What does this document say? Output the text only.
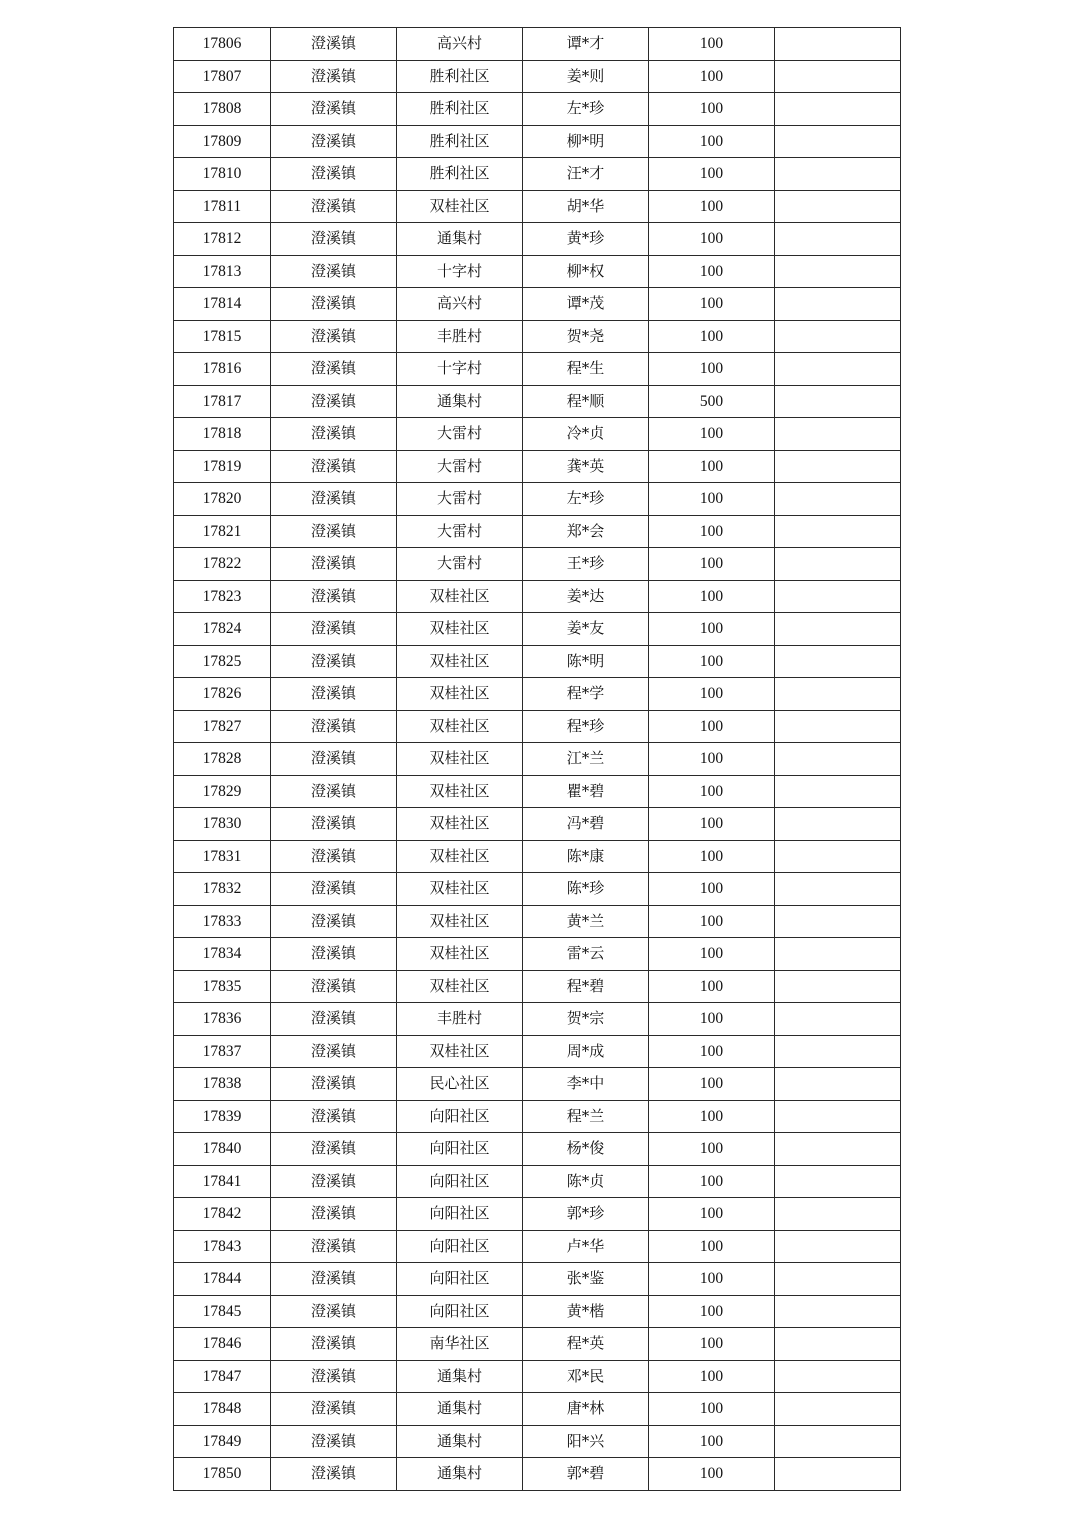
17806	澄溪镇	高兴村	谭*才	100	
17807	澄溪镇	胜利社区	姜*则	100	
17808	澄溪镇	胜利社区	左*珍	100	
17809	澄溪镇	胜利社区	柳*明	100	
17810	澄溪镇	胜利社区	汪*才	100	
17811	澄溪镇	双桂社区	胡*华	100	
17812	澄溪镇	通集村	黄*珍	100	
17813	澄溪镇	十字村	柳*权	100	
17814	澄溪镇	高兴村	谭*茂	100	
17815	澄溪镇	丰胜村	贺*尧	100	
17816	澄溪镇	十字村	程*生	100	
17817	澄溪镇	通集村	程*顺	500	
17818	澄溪镇	大雷村	冷*贞	100	
17819	澄溪镇	大雷村	龚*英	100	
17820	澄溪镇	大雷村	左*珍	100	
17821	澄溪镇	大雷村	郑*会	100	
17822	澄溪镇	大雷村	王*珍	100	
17823	澄溪镇	双桂社区	姜*达	100	
17824	澄溪镇	双桂社区	姜*友	100	
17825	澄溪镇	双桂社区	陈*明	100	
17826	澄溪镇	双桂社区	程*学	100	
17827	澄溪镇	双桂社区	程*珍	100	
17828	澄溪镇	双桂社区	江*兰	100	
17829	澄溪镇	双桂社区	瞿*碧	100	
17830	澄溪镇	双桂社区	冯*碧	100	
17831	澄溪镇	双桂社区	陈*康	100	
17832	澄溪镇	双桂社区	陈*珍	100	
17833	澄溪镇	双桂社区	黄*兰	100	
17834	澄溪镇	双桂社区	雷*云	100	
17835	澄溪镇	双桂社区	程*碧	100	
17836	澄溪镇	丰胜村	贺*宗	100	
17837	澄溪镇	双桂社区	周*成	100	
17838	澄溪镇	民心社区	李*中	100	
17839	澄溪镇	向阳社区	程*兰	100	
17840	澄溪镇	向阳社区	杨*俊	100	
17841	澄溪镇	向阳社区	陈*贞	100	
17842	澄溪镇	向阳社区	郭*珍	100	
17843	澄溪镇	向阳社区	卢*华	100	
17844	澄溪镇	向阳社区	张*鉴	100	
17845	澄溪镇	向阳社区	黄*楷	100	
17846	澄溪镇	南华社区	程*英	100	
17847	澄溪镇	通集村	邓*民	100	
17848	澄溪镇	通集村	唐*林	100	
17849	澄溪镇	通集村	阳*兴	100	
17850	澄溪镇	通集村	郭*碧	100	
